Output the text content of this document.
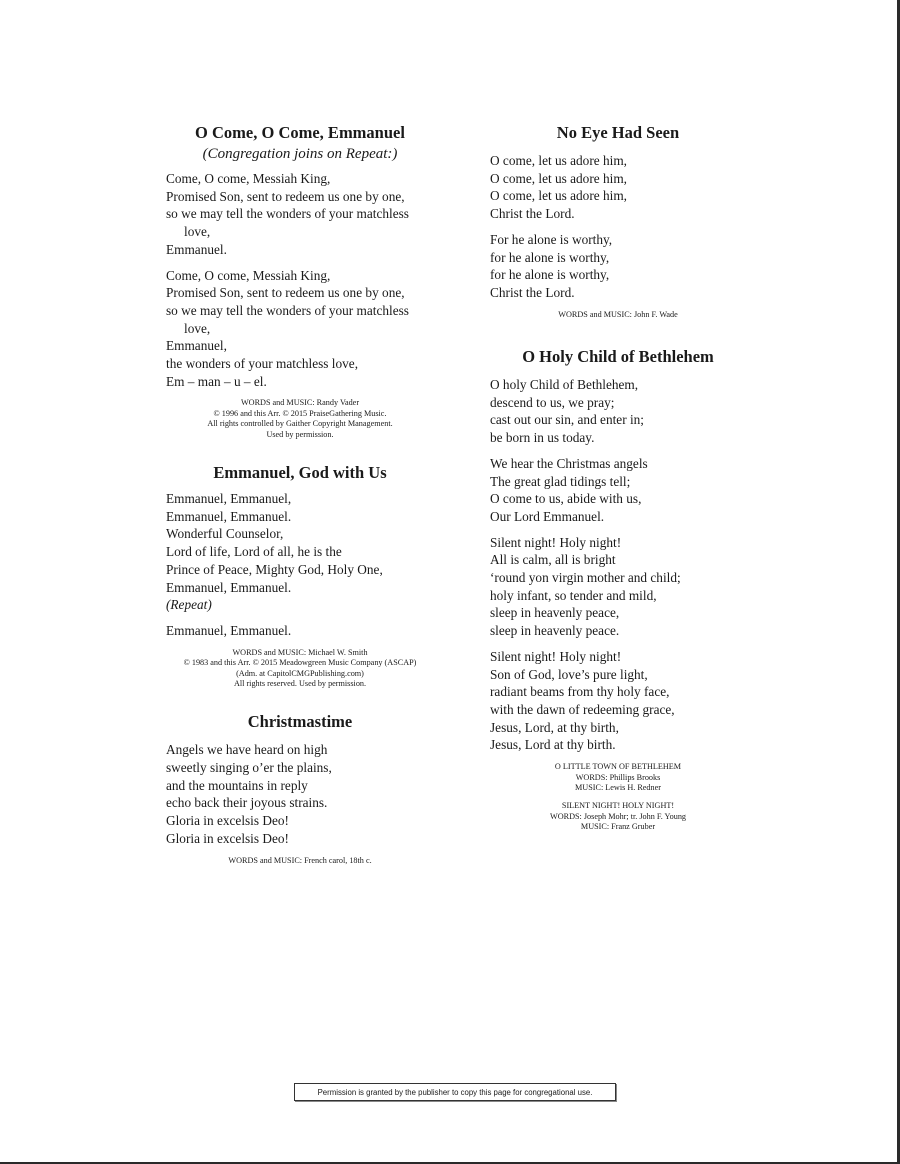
O Come, O Come, Emmanuel

(Congregation joins on Repeat:)

Come, O come, Messiah King,
Promised Son, sent to redeem us one by one,
so we may tell the wonders of your matchless
love,
Emmanuel.
Come, O come, Messiah King,
Promised Son, sent to redeem us one by one,
so we may tell the wonders of your matchless
love,
Emmanuel,
the wonders of your matchless love,
Em – man – u – el.
WORDS and MUSIC: Randy Vader
© 1996 and this Arr. © 2015 PraiseGathering Music.
All rights controlled by Gaither Copyright Management.
Used by permission.
Emmanuel, God with Us
Emmanuel, Emmanuel,
Emmanuel, Emmanuel.
Wonderful Counselor,
Lord of life, Lord of all, he is the
Prince of Peace, Mighty God, Holy One,
Emmanuel, Emmanuel.
(Repeat)
Emmanuel, Emmanuel.
WORDS and MUSIC: Michael W. Smith
© 1983 and this Arr. © 2015 Meadowgreen Music Company (ASCAP)
(Adm. at CapitolCMGPublishing.com)
All rights reserved. Used by permission.
Christmastime
Angels we have heard on high
sweetly singing o’er the plains,
and the mountains in reply
echo back their joyous strains.
Gloria in excelsis Deo!
Gloria in excelsis Deo!
WORDS and MUSIC: French carol, 18th c.
No Eye Had Seen
O come, let us adore him,
O come, let us adore him,
O come, let us adore him,
Christ the Lord.
For he alone is worthy,
for he alone is worthy,
for he alone is worthy,
Christ the Lord.
WORDS and MUSIC: John F. Wade
O Holy Child of Bethlehem
O holy Child of Bethlehem,
descend to us, we pray;
cast out our sin, and enter in;
be born in us today.
We hear the Christmas angels
The great glad tidings tell;
O come to us, abide with us,
Our Lord Emmanuel.
Silent night! Holy night!
All is calm, all is bright
‘round yon virgin mother and child;
holy infant, so tender and mild,
sleep in heavenly peace,
sleep in heavenly peace.
Silent night! Holy night!
Son of God, love’s pure light,
radiant beams from thy holy face,
with the dawn of redeeming grace,
Jesus, Lord, at thy birth,
Jesus, Lord at thy birth.
O LITTLE TOWN OF BETHLEHEM
WORDS: Phillips Brooks
MUSIC: Lewis H. Redner
SILENT NIGHT! HOLY NIGHT!
WORDS: Joseph Mohr; tr. John F. Young
MUSIC: Franz Gruber
Permission is granted by the publisher to copy this page for congregational use.
